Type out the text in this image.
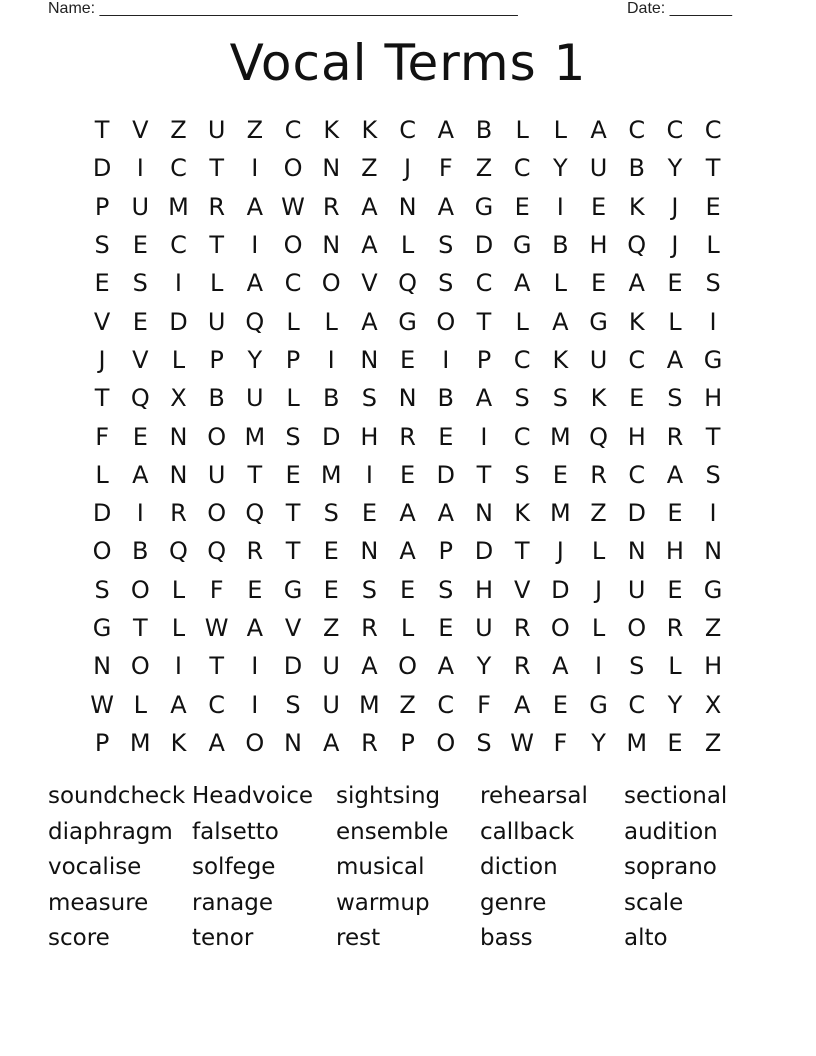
Name: _______________________________________________	Date: _______
Vocal Terms 1
T V Z U Z C K K C A B L	L A C C C
D	I	C T	I	O N Z	J	F Z C Y U B Y T
P U M R A W R A N A G E	I	E K	J	E
S E C T	I	O N A L S D G B H Q	J	L
E S	I	L A C O V Q S C A L E A E S
V E D U Q L	L A G O T	L A G K L	I
J	V L	P Y P	I	N E	I	P C K U C A G
T Q X B U L B S N B A S S K E S H
F E N O M S D H R E	I	C M Q H R T
L A N U T E M	I	E D T S E R C A S
D	I	R O Q T S E A A N K M Z D E	I
O B Q Q R T E N A P D T	J	L N H N
S O L	F E G E S E S H V D	J	U E G
G T	L W A V Z R L E U R O L O R Z
N O	I	T	I	D U A O A Y R A	I	S L H
W L A C	I	S U M Z C F A E G C Y X
P M K A O N A R P O S W F Y M E Z
soundcheck Headvoice sightsing	rehearsal	sectional
diaphragm falsetto	ensemble	callback	audition
vocalise	solfege	musical	diction	soprano
measure	ranage	warmup	genre	scale
score	tenor	rest	bass	alto
